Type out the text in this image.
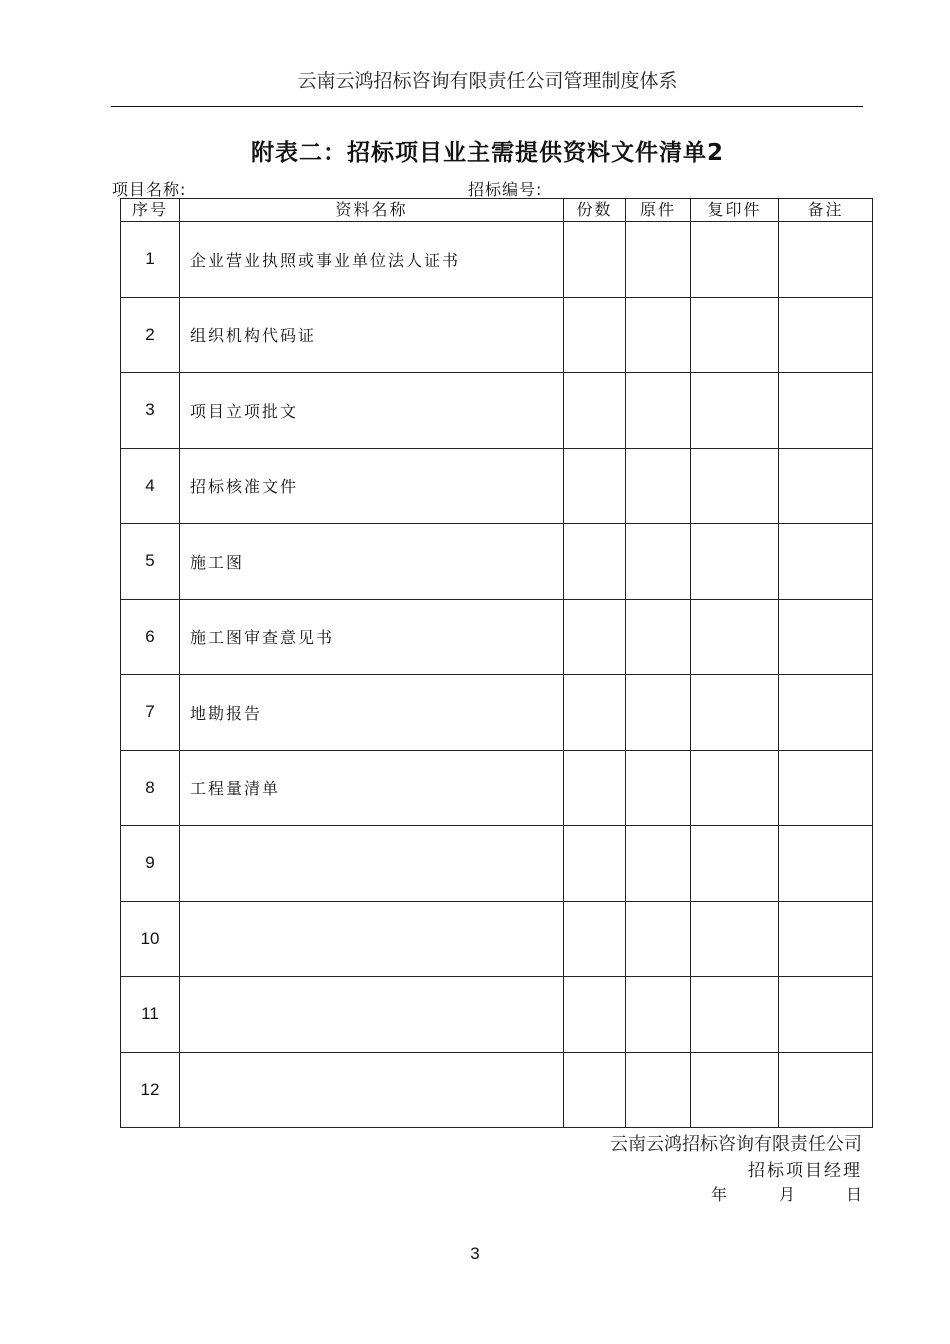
云南云鸿招标咨询有限责任公司管理制度体系
附表二：招标项目业主需提供资料文件清单2
项目名称:	招标编号:
序号	资料名称	份数	原件	复印件	备注
1	企业营业执照或事业单位法人证书				
2	组织机构代码证				
3	项目立项批文				
4	招标核准文件				
5	施工图				
6	施工图审查意见书				
7	地勘报告				
8	工程量清单				
9					
10					
11					
12					
云南云鸿招标咨询有限责任公司
招标项目经理
年	月	日
3
